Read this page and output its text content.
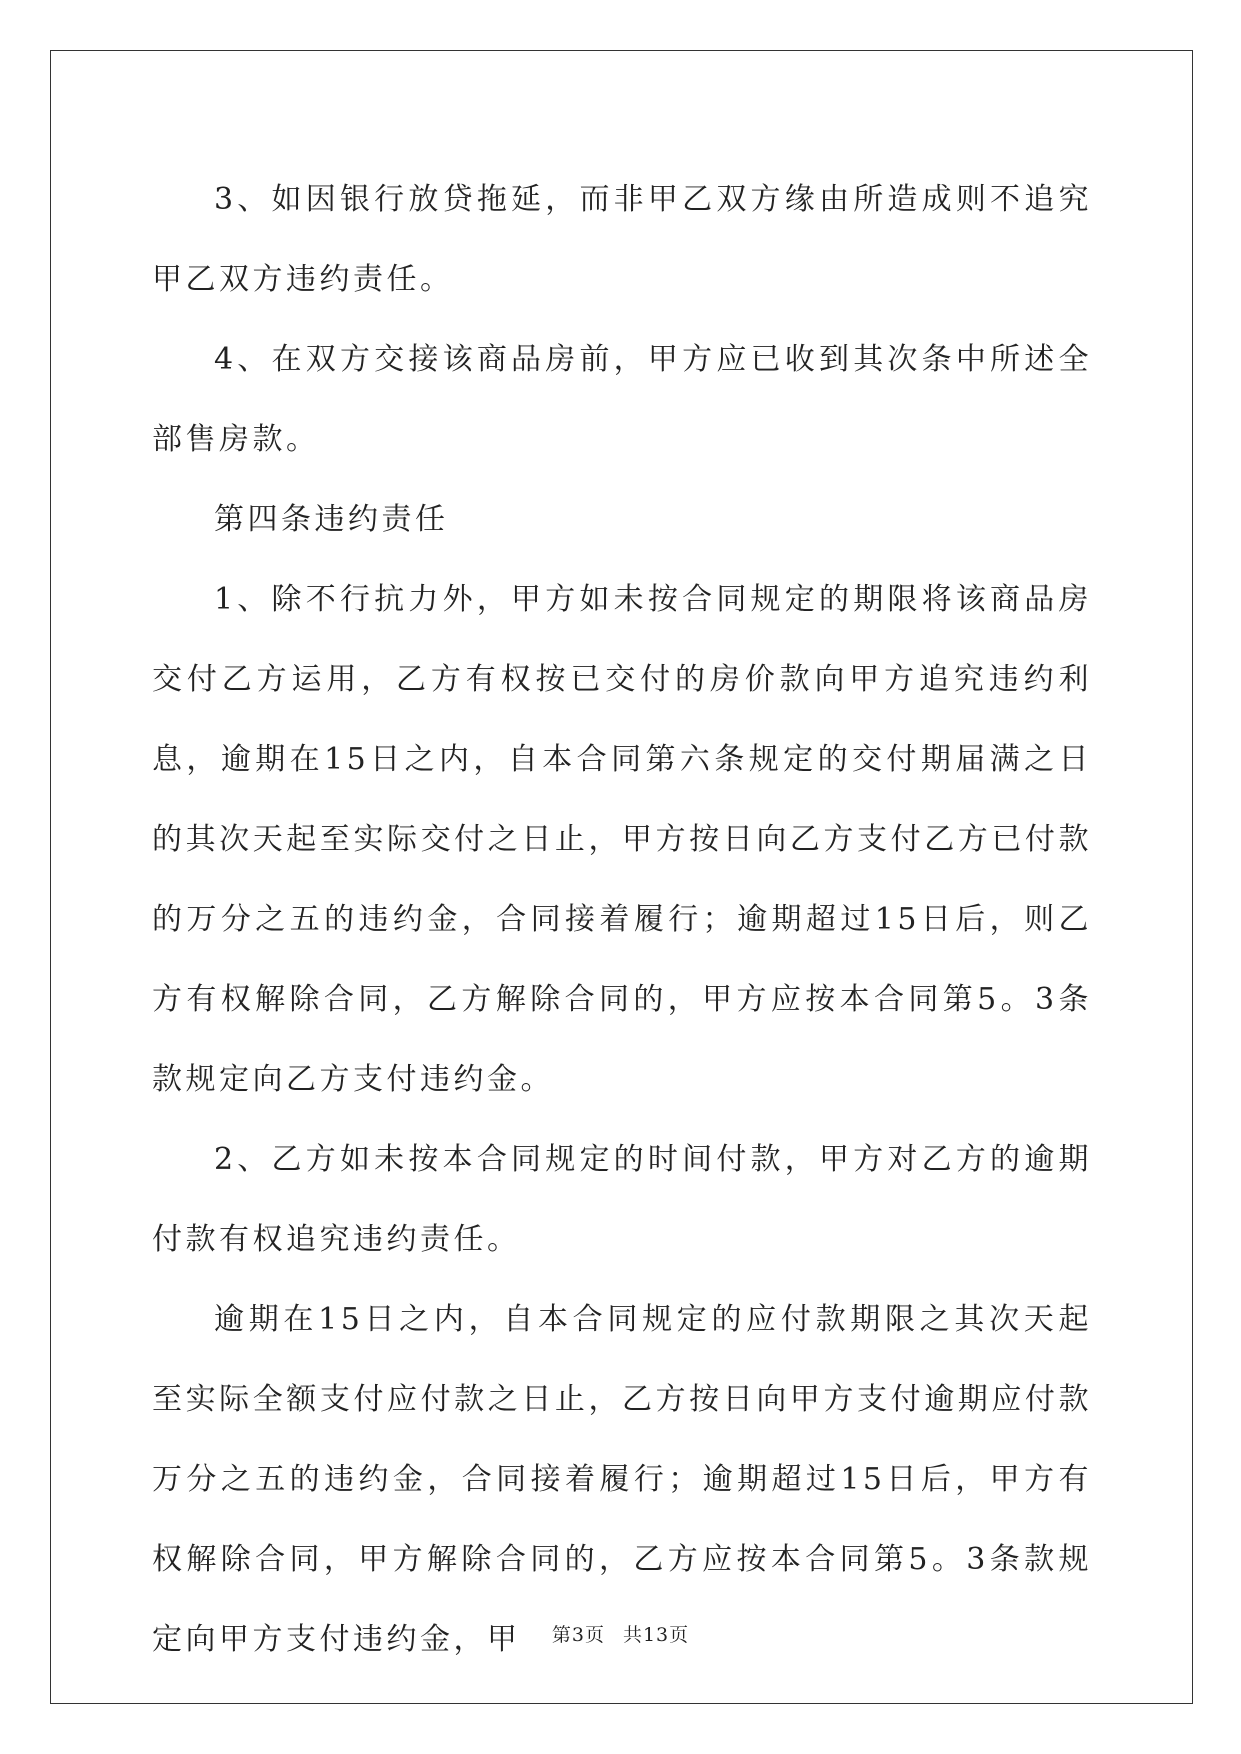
3、如因银行放贷拖延，而非甲乙双方缘由所造成则不追究甲乙双方违约责任。

4、在双方交接该商品房前，甲方应已收到其次条中所述全部售房款。

第四条违约责任

1、除不行抗力外，甲方如未按合同规定的期限将该商品房交付乙方运用，乙方有权按已交付的房价款向甲方追究违约利息，逾期在15日之内，自本合同第六条规定的交付期届满之日的其次天起至实际交付之日止，甲方按日向乙方支付乙方已付款的万分之五的违约金，合同接着履行；逾期超过15日后，则乙方有权解除合同，乙方解除合同的，甲方应按本合同第5。3条款规定向乙方支付违约金。

2、乙方如未按本合同规定的时间付款，甲方对乙方的逾期付款有权追究违约责任。

逾期在15日之内，自本合同规定的应付款期限之其次天起至实际全额支付应付款之日止，乙方按日向甲方支付逾期应付款万分之五的违约金，合同接着履行；逾期超过15日后，甲方有权解除合同，甲方解除合同的，乙方应按本合同第5。3条款规定向甲方支付违约金，甲	第3页 共13页
